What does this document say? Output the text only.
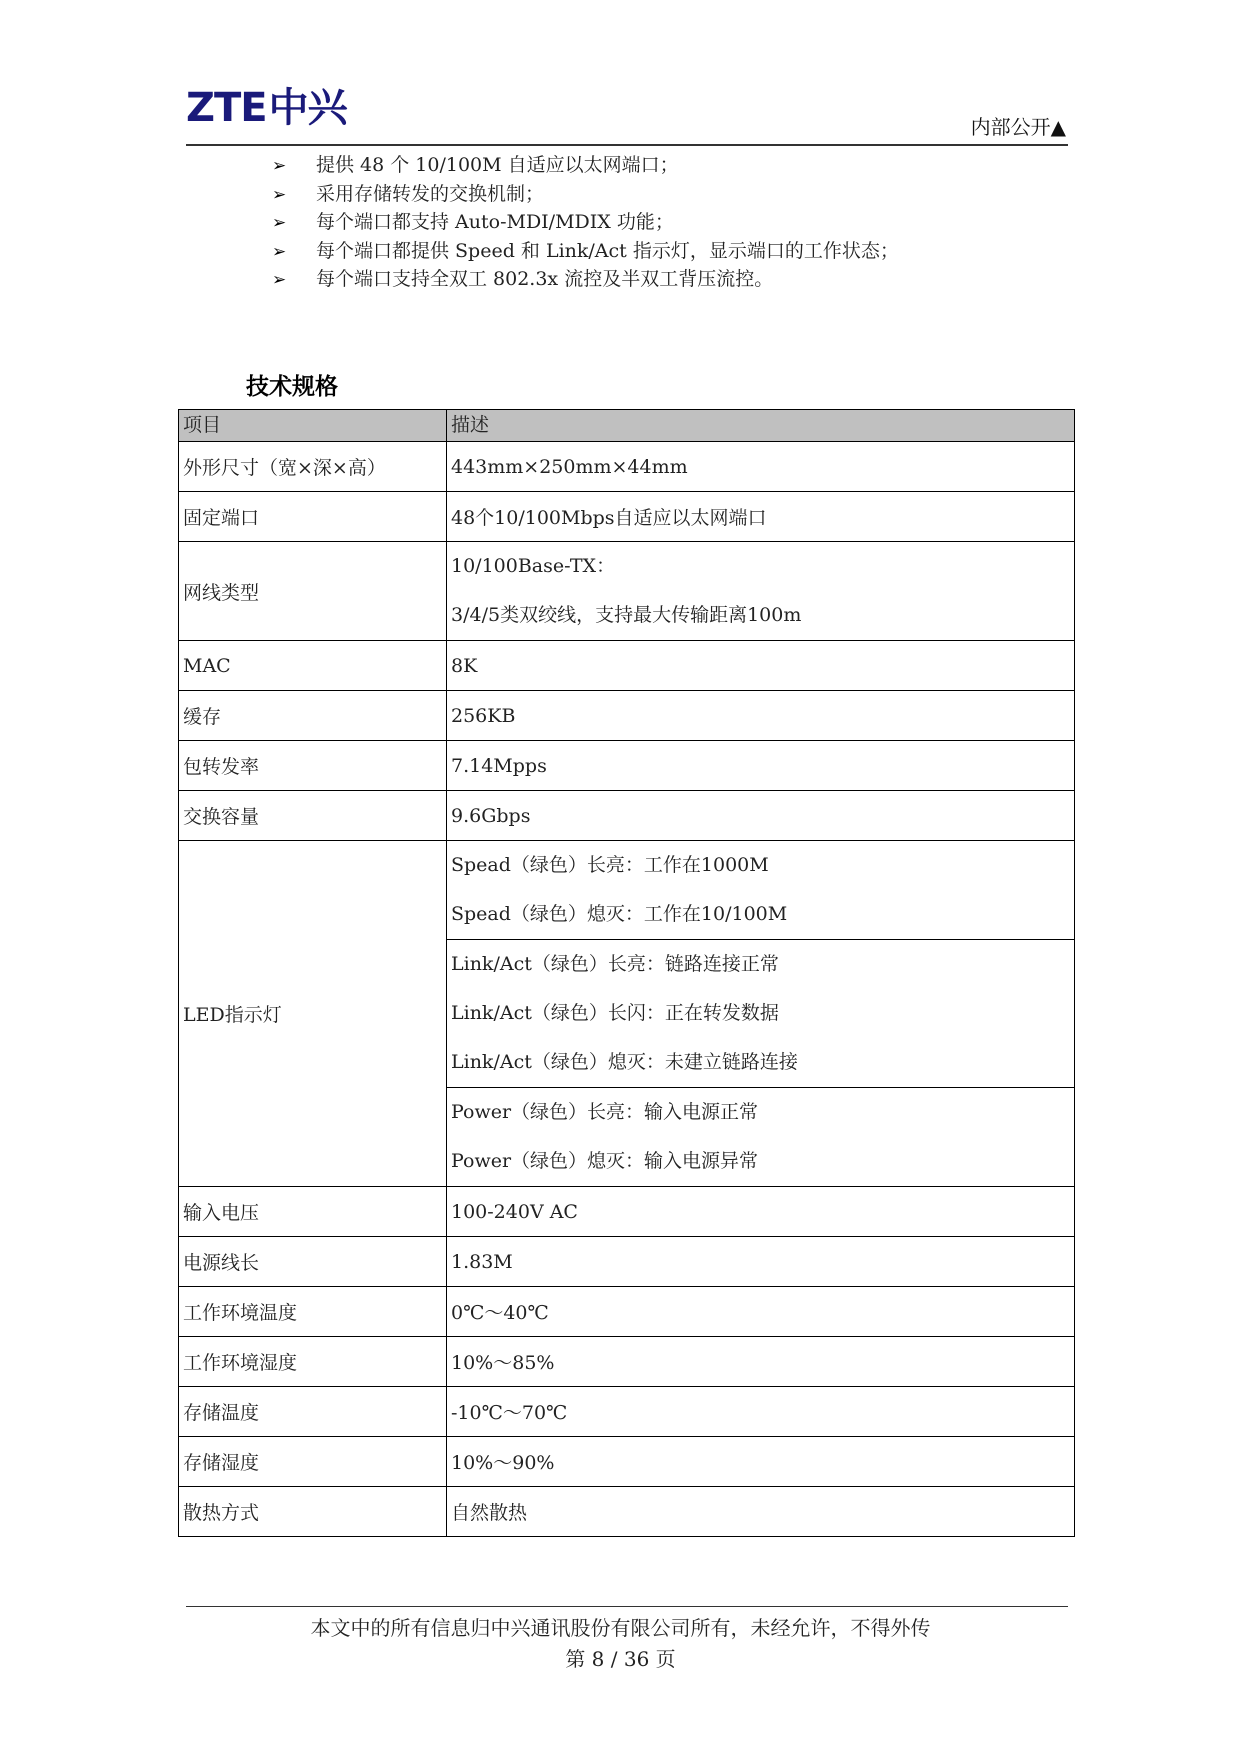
ZTE 中兴	内部公开▲
➢ 提供 48 个 10/100M 自适应以太网端口；
➢ 采用存储转发的交换机制；
➢ 每个端口都支持 Auto-MDI/MDIX 功能；
➢ 每个端口都提供 Speed 和 Link/Act 指示灯，显示端口的工作状态；
➢ 每个端口支持全双工 802.3x 流控及半双工背压流控。
技术规格
项目	描述
外形尺寸（宽×深×高）	443mm×250mm×44mm
固定端口	48个10/100Mbps自适应以太网端口
网线类型	10/100Base-TX：
3/4/5类双绞线，支持最大传输距离100m

MAC	8K
缓存	256KB
包转发率	7.14Mpps
交换容量	9.6Gbps
LED指示灯	Spead（绿色）长亮：工作在1000M
Spead（绿色）熄灭：工作在10/100M

	Link/Act（绿色）长亮：链路连接正常
Link/Act（绿色）长闪：正在转发数据
Link/Act（绿色）熄灭：未建立链路连接

	Power（绿色）长亮：输入电源正常
Power（绿色）熄灭：输入电源异常

输入电压	100-240V AC
电源线长	1.83M
工作环境温度	0℃～40℃
工作环境湿度	10%～85%
存储温度	-10℃～70℃
存储湿度	10%～90%
散热方式	自然散热
本文中的所有信息归中兴通讯股份有限公司所有，未经允许，不得外传
第 8 / 36 页
